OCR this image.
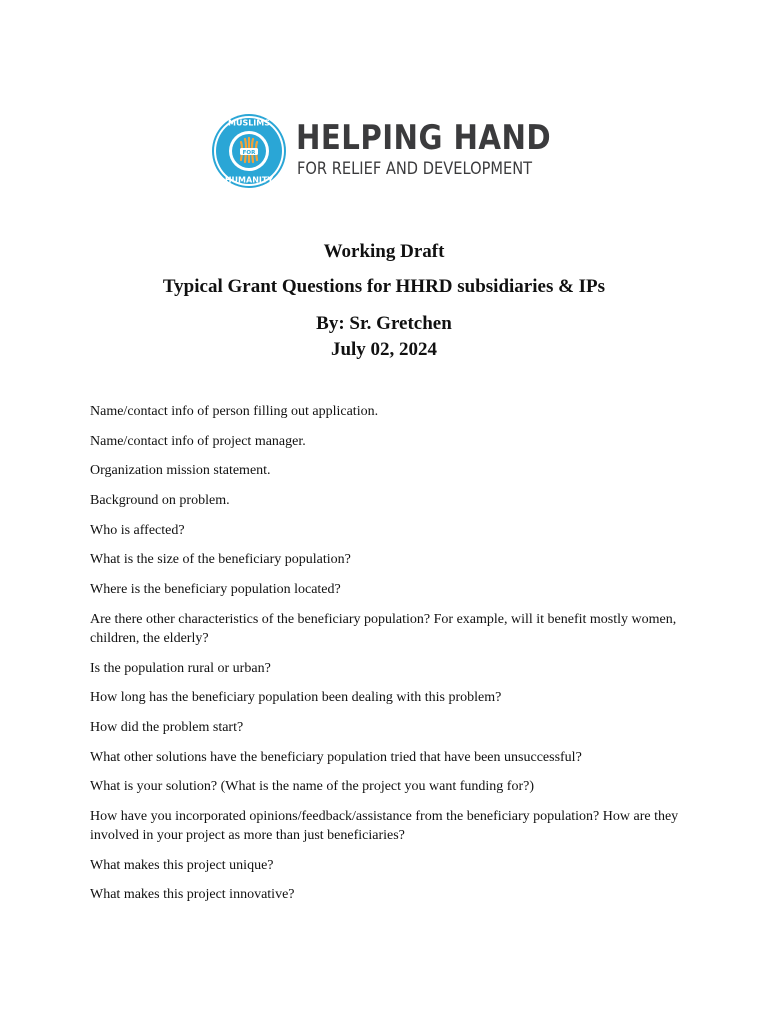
FOR
MUSLIMS
HUMANITY
HELPING HAND
FOR RELIEF AND DEVELOPMENT
Working Draft
Typical Grant Questions for HHRD subsidiaries & IPs
By: Sr. Gretchen
July 02, 2024
Name/contact info of person filling out application.
Name/contact info of project manager.
Organization mission statement.
Background on problem.
Who is affected?
What is the size of the beneficiary population?
Where is the beneficiary population located?
Are there other characteristics of the beneficiary population? For example, will it benefit mostly women, children, the elderly?
Is the population rural or urban?
How long has the beneficiary population been dealing with this problem?
How did the problem start?
What other solutions have the beneficiary population tried that have been unsuccessful?
What is your solution? (What is the name of the project you want funding for?)
How have you incorporated opinions/feedback/assistance from the beneficiary population? How are they involved in your project as more than just beneficiaries?
What makes this project unique?
What makes this project innovative?
